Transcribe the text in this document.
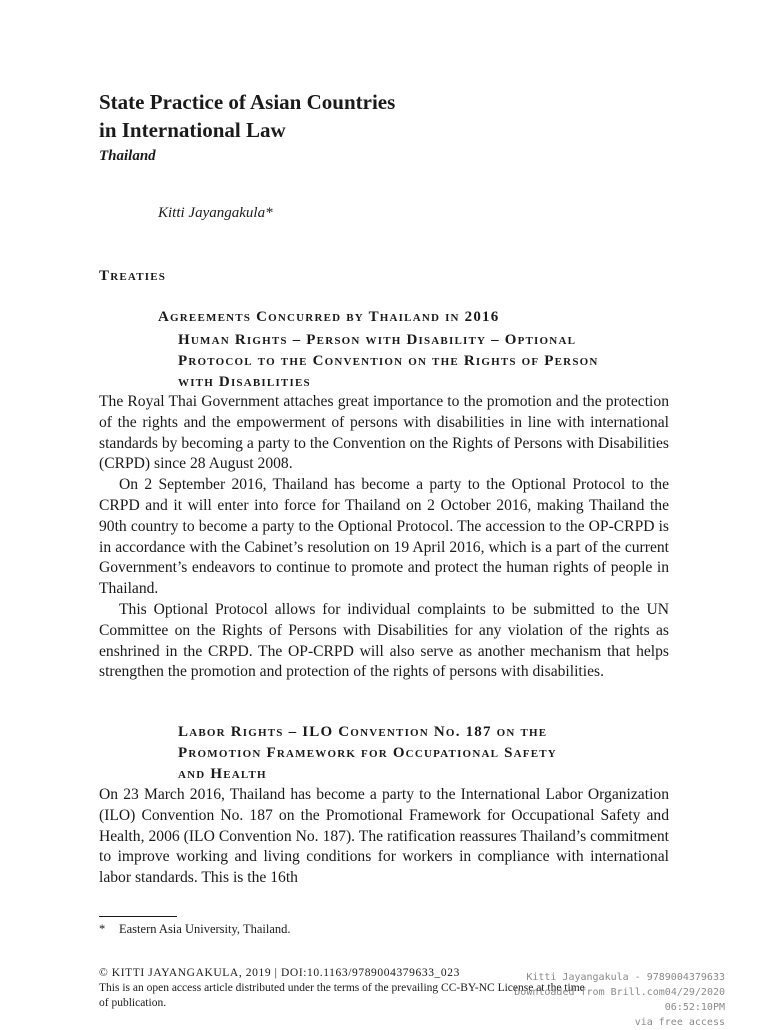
State Practice of Asian Countries
in International Law
Thailand
Kitti Jayangakula*
Treaties
Agreements Concurred by Thailand in 2016
Human Rights – Person with Disability – Optional
Protocol to the Convention on the Rights of Person
with Disabilities

The Royal Thai Government attaches great importance to the promotion and the protection of the rights and the empowerment of persons with disabilities in line with international standards by becoming a party to the Convention on the Rights of Persons with Disabilities (CRPD) since 28 August 2008.

On 2 September 2016, Thailand has become a party to the Optional Protocol to the CRPD and it will enter into force for Thailand on 2 October 2016, making Thailand the 90th country to become a party to the Optional Protocol. The accession to the OP-CRPD is in accordance with the Cabinet’s resolution on 19 April 2016, which is a part of the current Government’s endeavors to continue to promote and protect the human rights of people in Thailand.

This Optional Protocol allows for individual complaints to be submitted to the UN Committee on the Rights of Persons with Disabilities for any violation of the rights as enshrined in the CRPD. The OP-CRPD will also serve as another mechanism that helps strengthen the promotion and protection of the rights of persons with disabilities.

Labor Rights – ILO Convention No. 187 on the
Promotion Framework for Occupational Safety
and Health

On 23 March 2016, Thailand has become a party to the International Labor Organization (ILO) Convention No. 187 on the Promotional Framework for Occupational Safety and Health, 2006 (ILO Convention No. 187). The ratification reassures Thailand’s commitment to improve working and living conditions for workers in compliance with international labor standards. This is the 16th

* Eastern Asia University, Thailand.
© KITTI JAYANGAKULA, 2019 | DOI:10.1163/9789004379633_023
This is an open access article distributed under the terms of the prevailing CC-BY-NC License at the time
of publication.
Kitti Jayangakula - 9789004379633
Downloaded from Brill.com04/29/2020 06:52:10PM
via free access
